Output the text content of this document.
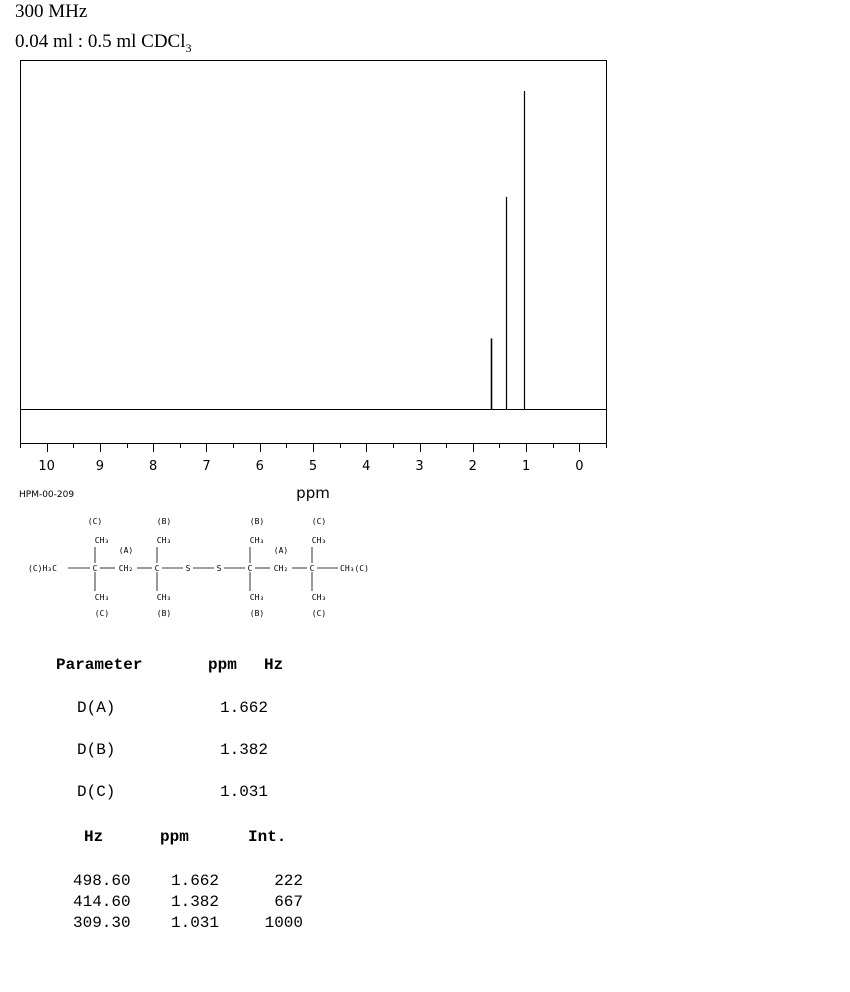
300 MHz
0.04 ml : 0.5 ml CDCl$_3$
10	9	8	7	6	5	4	3	2	1	0
ppm
HPM-00-209
(C)	(B)	(B)	(C)
CH₃	CH₃	CH₃	CH₃
(A)	(A)
(C)H₃C	C	CH₂	C	S	S	C	CH₂	C	CH₃(C)
CH₃	CH₃	CH₃	CH₃
(C)	(B)	(B)	(C)
Parameter	ppm Hz
D(A)	1.662
D(B)	1.382
D(C)	1.031
Hz	ppm	Int.
498.60	1.662	222
414.60	1.382	667
309.30	1.031	1000
